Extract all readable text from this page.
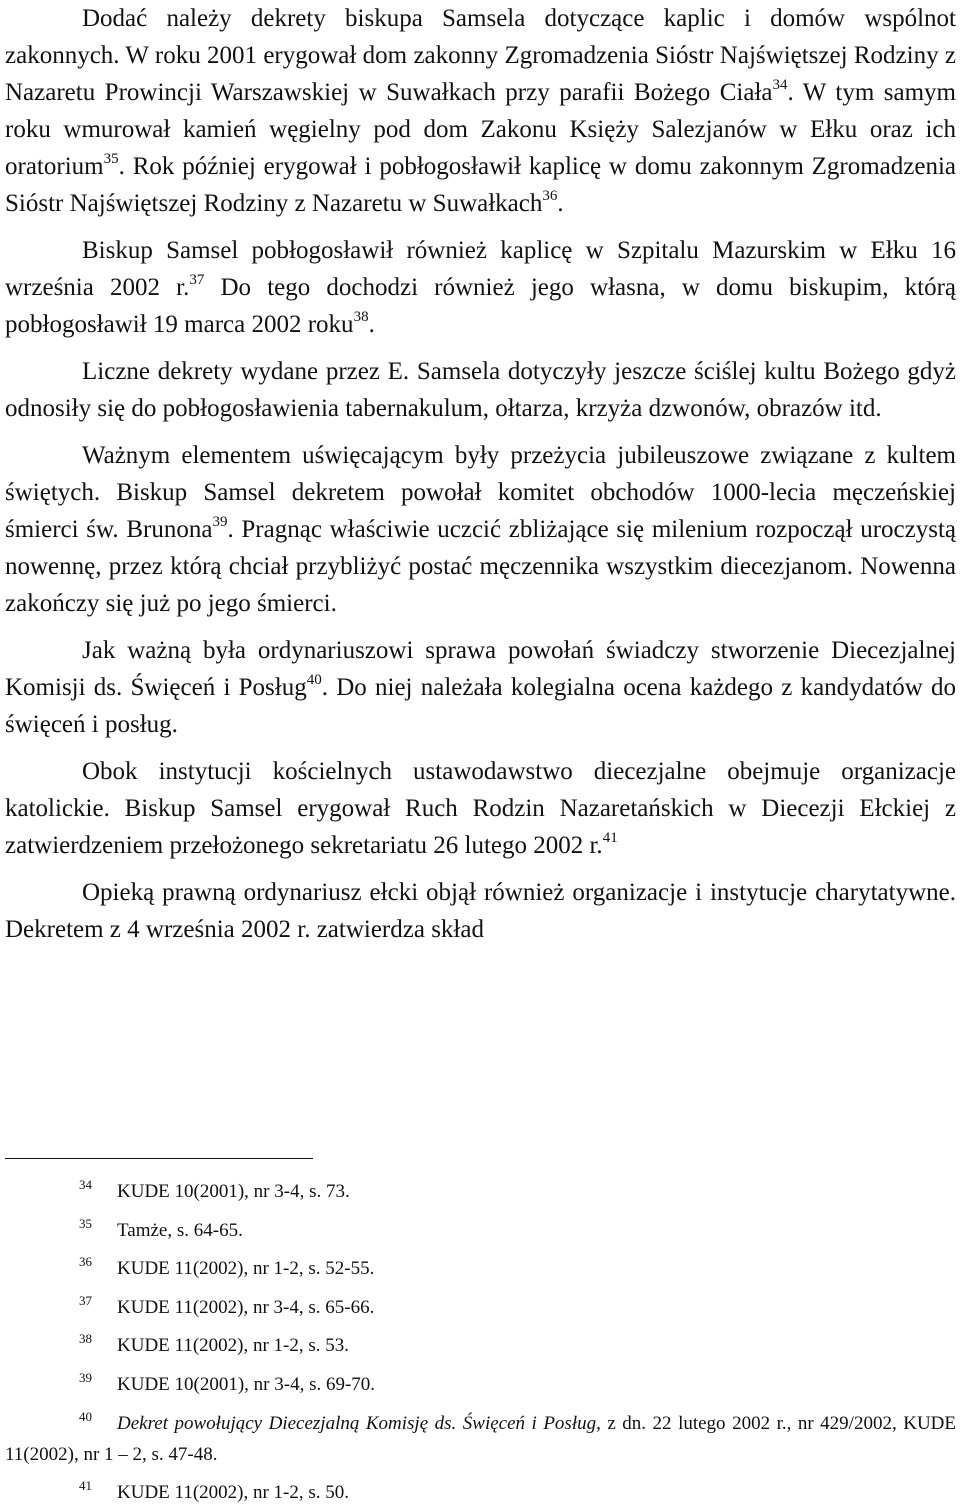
Dodać należy dekrety biskupa Samsela dotyczące kaplic i domów wspólnot zakonnych. W roku 2001 erygował dom zakonny Zgromadzenia Sióstr Najświętszej Rodziny z Nazaretu Prowincji Warszawskiej w Suwałkach przy parafii Bożego Ciała$^{34}$. W tym samym roku wmurował kamień węgielny pod dom Zakonu Księży Salezjanów w Ełku oraz ich oratorium$^{35}$. Rok później erygował i pobłogosławił kaplicę w domu zakonnym Zgromadzenia Sióstr Najświętszej Rodziny z Nazaretu w Suwałkach$^{36}$.

Biskup Samsel pobłogosławił również kaplicę w Szpitalu Mazurskim w Ełku 16 września 2002 r.$^{37}$ Do tego dochodzi również jego własna, w domu biskupim, którą pobłogosławił 19 marca 2002 roku$^{38}$.

Liczne dekrety wydane przez E. Samsela dotyczyły jeszcze ściślej kultu Bożego gdyż odnosiły się do pobłogosławienia tabernakulum, ołtarza, krzyża dzwonów, obrazów itd.

Ważnym elementem uświęcającym były przeżycia jubileuszowe związane z kultem świętych. Biskup Samsel dekretem powołał komitet obchodów 1000-lecia męczeńskiej śmierci św. Brunona$^{39}$. Pragnąc właściwie uczcić zbliżające się milenium rozpoczął uroczystą nowennę, przez którą chciał przybliżyć postać męczennika wszystkim diecezjanom. Nowenna zakończy się już po jego śmierci.

Jak ważną była ordynariuszowi sprawa powołań świadczy stworzenie Diecezjalnej Komisji ds. Święceń i Posług$^{40}$. Do niej należała kolegialna ocena każdego z kandydatów do święceń i posług.

Obok instytucji kościelnych ustawodawstwo diecezjalne obejmuje organizacje katolickie. Biskup Samsel erygował Ruch Rodzin Nazaretańskich w Diecezji Ełckiej z zatwierdzeniem przełożonego sekretariatu 26 lutego 2002 r.$^{41}$

Opieką prawną ordynariusz ełcki objął również organizacje i instytucje charytatywne. Dekretem z 4 września 2002 r. zatwierdza skład

34 KUDE 10(2001), nr 3-4, s. 73.

35 Tamże, s. 64-65.

36 KUDE 11(2002), nr 1-2, s. 52-55.

37 KUDE 11(2002), nr 3-4, s. 65-66.

38 KUDE 11(2002), nr 1-2, s. 53.

39 KUDE 10(2001), nr 3-4, s. 69-70.

40 Dekret powołujący Diecezjalną Komisję ds. Święceń i Posług, z dn. 22 lutego 2002 r., nr 429/2002, KUDE 11(2002), nr 1 – 2, s. 47-48.

41 KUDE 11(2002), nr 1-2, s. 50.
